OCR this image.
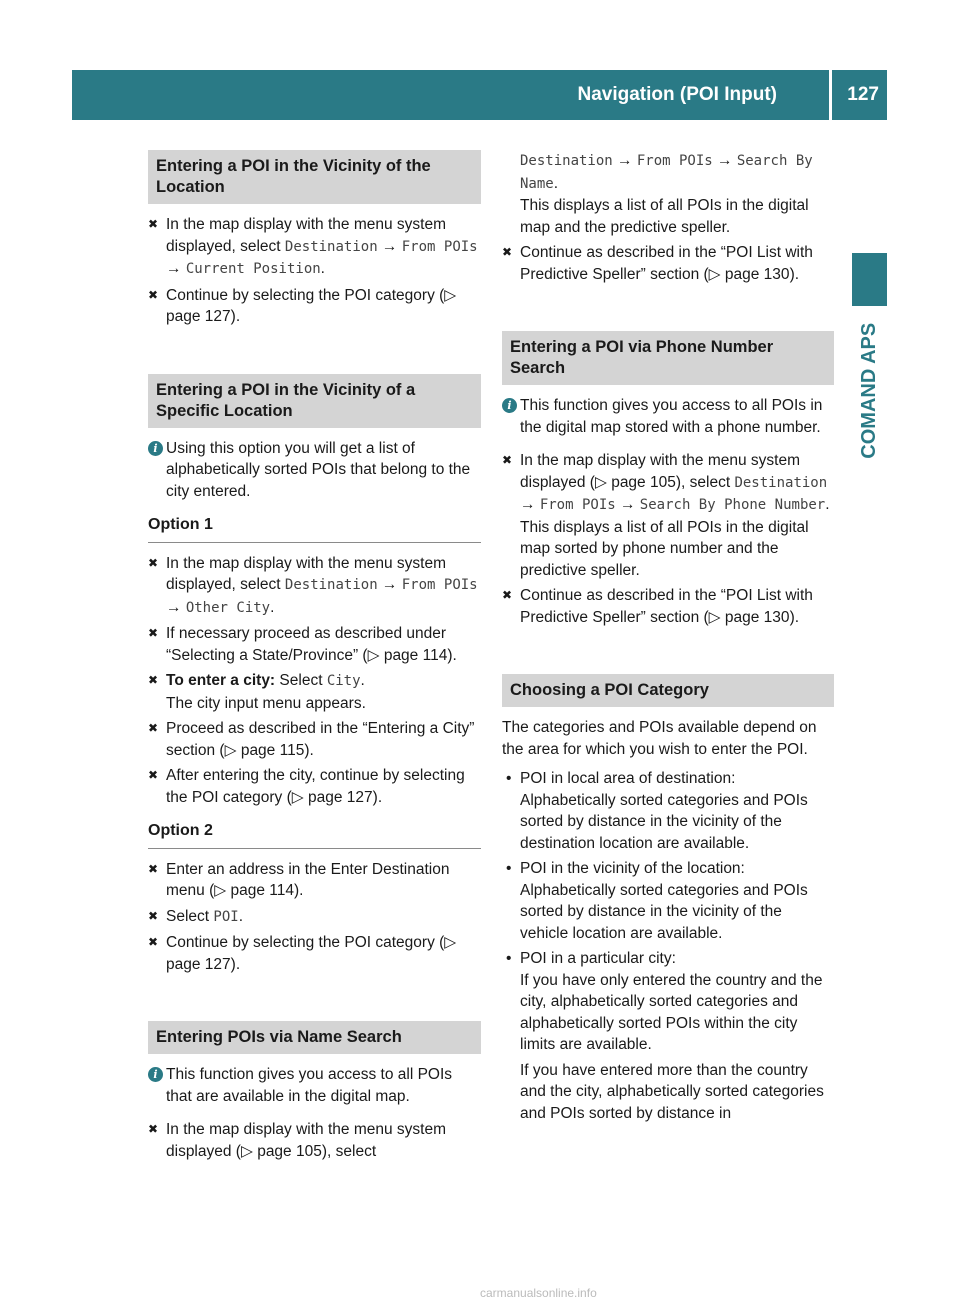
Navigation (POI Input)	127
COMAND APS
Entering a POI in the Vicinity of the Location
✖ In the map display with the menu system displayed, select Destination → From POIs → Current Position.
✖ Continue by selecting the POI category (▷ page 127).
Entering a POI in the Vicinity of a Specific Location
i Using this option you will get a list of alphabetically sorted POIs that belong to the city entered.
Option 1
✖ In the map display with the menu system displayed, select Destination → From POIs → Other City.
✖ If necessary proceed as described under “Selecting a State/Province” (▷ page 114).
✖ To enter a city: Select City.
The city input menu appears.
✖ Proceed as described in the “Entering a City” section (▷ page 115).
✖ After entering the city, continue by selecting the POI category (▷ page 127).
Option 2
✖ Enter an address in the Enter Destination menu (▷ page 114).
✖ Select POI.
✖ Continue by selecting the POI category (▷ page 127).
Entering POIs via Name Search
i This function gives you access to all POIs that are available in the digital map.
✖ In the map display with the menu system displayed (▷ page 105), select
Destination → From POIs → Search By Name.
This displays a list of all POIs in the digital map and the predictive speller.
✖ Continue as described in the “POI List with Predictive Speller” section (▷ page 130).
Entering a POI via Phone Number Search
i This function gives you access to all POIs in the digital map stored with a phone number.
✖ In the map display with the menu system displayed (▷ page 105), select Destination → From POIs → Search By Phone Number.
This displays a list of all POIs in the digital map sorted by phone number and the predictive speller.
✖ Continue as described in the “POI List with Predictive Speller” section (▷ page 130).
Choosing a POI Category
The categories and POIs available depend on the area for which you wish to enter the POI.
• POI in local area of destination:
Alphabetically sorted categories and POIs sorted by distance in the vicinity of the destination location are available.
• POI in the vicinity of the location:
Alphabetically sorted categories and POIs sorted by distance in the vicinity of the vehicle location are available.
• POI in a particular city:
If you have only entered the country and the city, alphabetically sorted categories and alphabetically sorted POIs within the city limits are available.
If you have entered more than the country and the city, alphabetically sorted categories and POIs sorted by distance in
carmanualsonline.info
